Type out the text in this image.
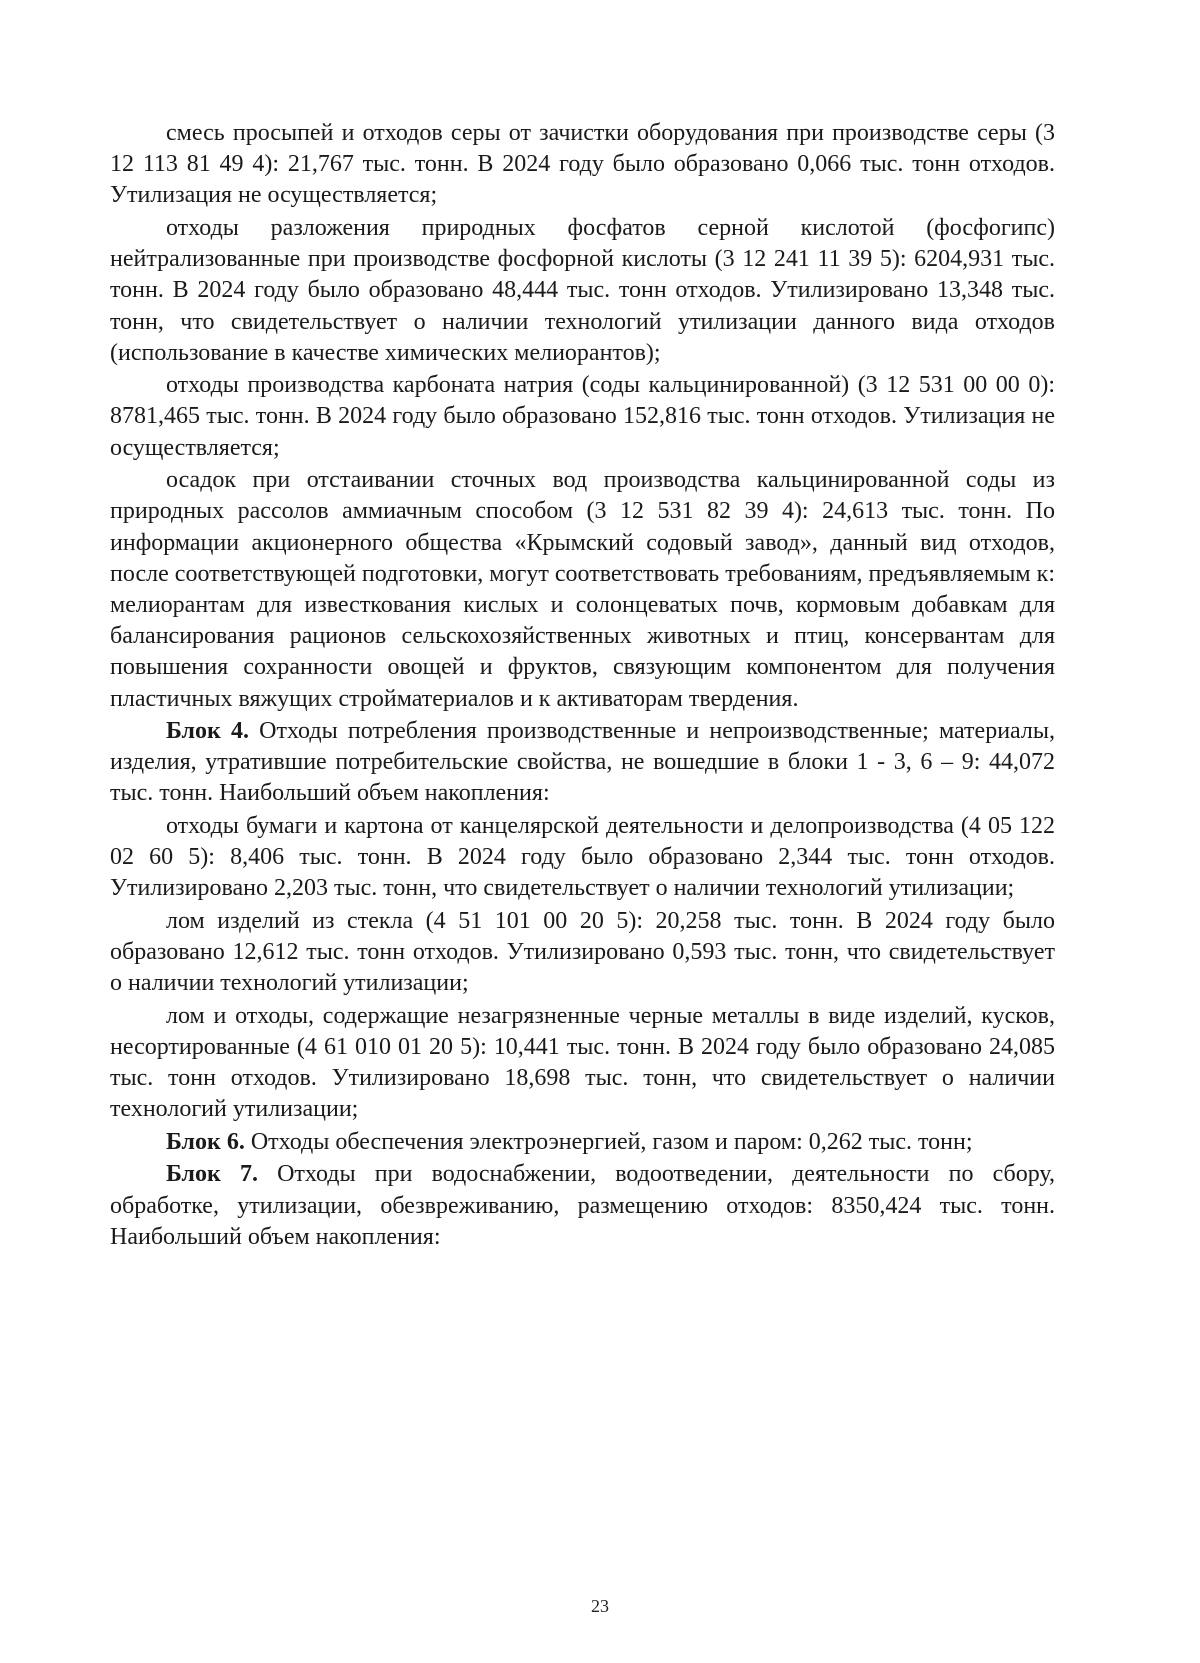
смесь просыпей и отходов серы от зачистки оборудования при производстве серы (3 12 113 81 49 4): 21,767 тыс. тонн. В 2024 году было образовано 0,066 тыс. тонн отходов. Утилизация не осуществляется;

отходы разложения природных фосфатов серной кислотой (фосфогипс) нейтрализованные при производстве фосфорной кислоты (3 12 241 11 39 5): 6204,931 тыс. тонн. В 2024 году было образовано 48,444 тыс. тонн отходов. Утилизировано 13,348 тыс. тонн, что свидетельствует о наличии технологий утилизации данного вида отходов (использование в качестве химических мелиорантов);

отходы производства карбоната натрия (соды кальцинированной) (3 12 531 00 00 0): 8781,465 тыс. тонн. В 2024 году было образовано 152,816 тыс. тонн отходов. Утилизация не осуществляется;

осадок при отстаивании сточных вод производства кальцинированной соды из природных рассолов аммиачным способом (3 12 531 82 39 4): 24,613 тыс. тонн. По информации акционерного общества «Крымский содовый завод», данный вид отходов, после соответствующей подготовки, могут соответствовать требованиям, предъявляемым к: мелиорантам для известкования кислых и солонцеватых почв, кормовым добавкам для балансирования рационов сельскохозяйственных животных и птиц, консервантам для повышения сохранности овощей и фруктов, связующим компонентом для получения пластичных вяжущих стройматериалов и к активаторам твердения.

Блок 4. Отходы потребления производственные и непроизводственные; материалы, изделия, утратившие потребительские свойства, не вошедшие в блоки 1 - 3, 6 – 9: 44,072 тыс. тонн. Наибольший объем накопления:

отходы бумаги и картона от канцелярской деятельности и делопроизводства (4 05 122 02 60 5): 8,406 тыс. тонн. В 2024 году было образовано 2,344 тыс. тонн отходов. Утилизировано 2,203 тыс. тонн, что свидетельствует о наличии технологий утилизации;

лом изделий из стекла (4 51 101 00 20 5): 20,258 тыс. тонн. В 2024 году было образовано 12,612 тыс. тонн отходов. Утилизировано 0,593 тыс. тонн, что свидетельствует о наличии технологий утилизации;

лом и отходы, содержащие незагрязненные черные металлы в виде изделий, кусков, несортированные (4 61 010 01 20 5): 10,441 тыс. тонн. В 2024 году было образовано 24,085 тыс. тонн отходов. Утилизировано 18,698 тыс. тонн, что свидетельствует о наличии технологий утилизации;

Блок 6. Отходы обеспечения электроэнергией, газом и паром: 0,262 тыс. тонн;

Блок 7. Отходы при водоснабжении, водоотведении, деятельности по сбору, обработке, утилизации, обезвреживанию, размещению отходов: 8350,424 тыс. тонн. Наибольший объем накопления:

23
